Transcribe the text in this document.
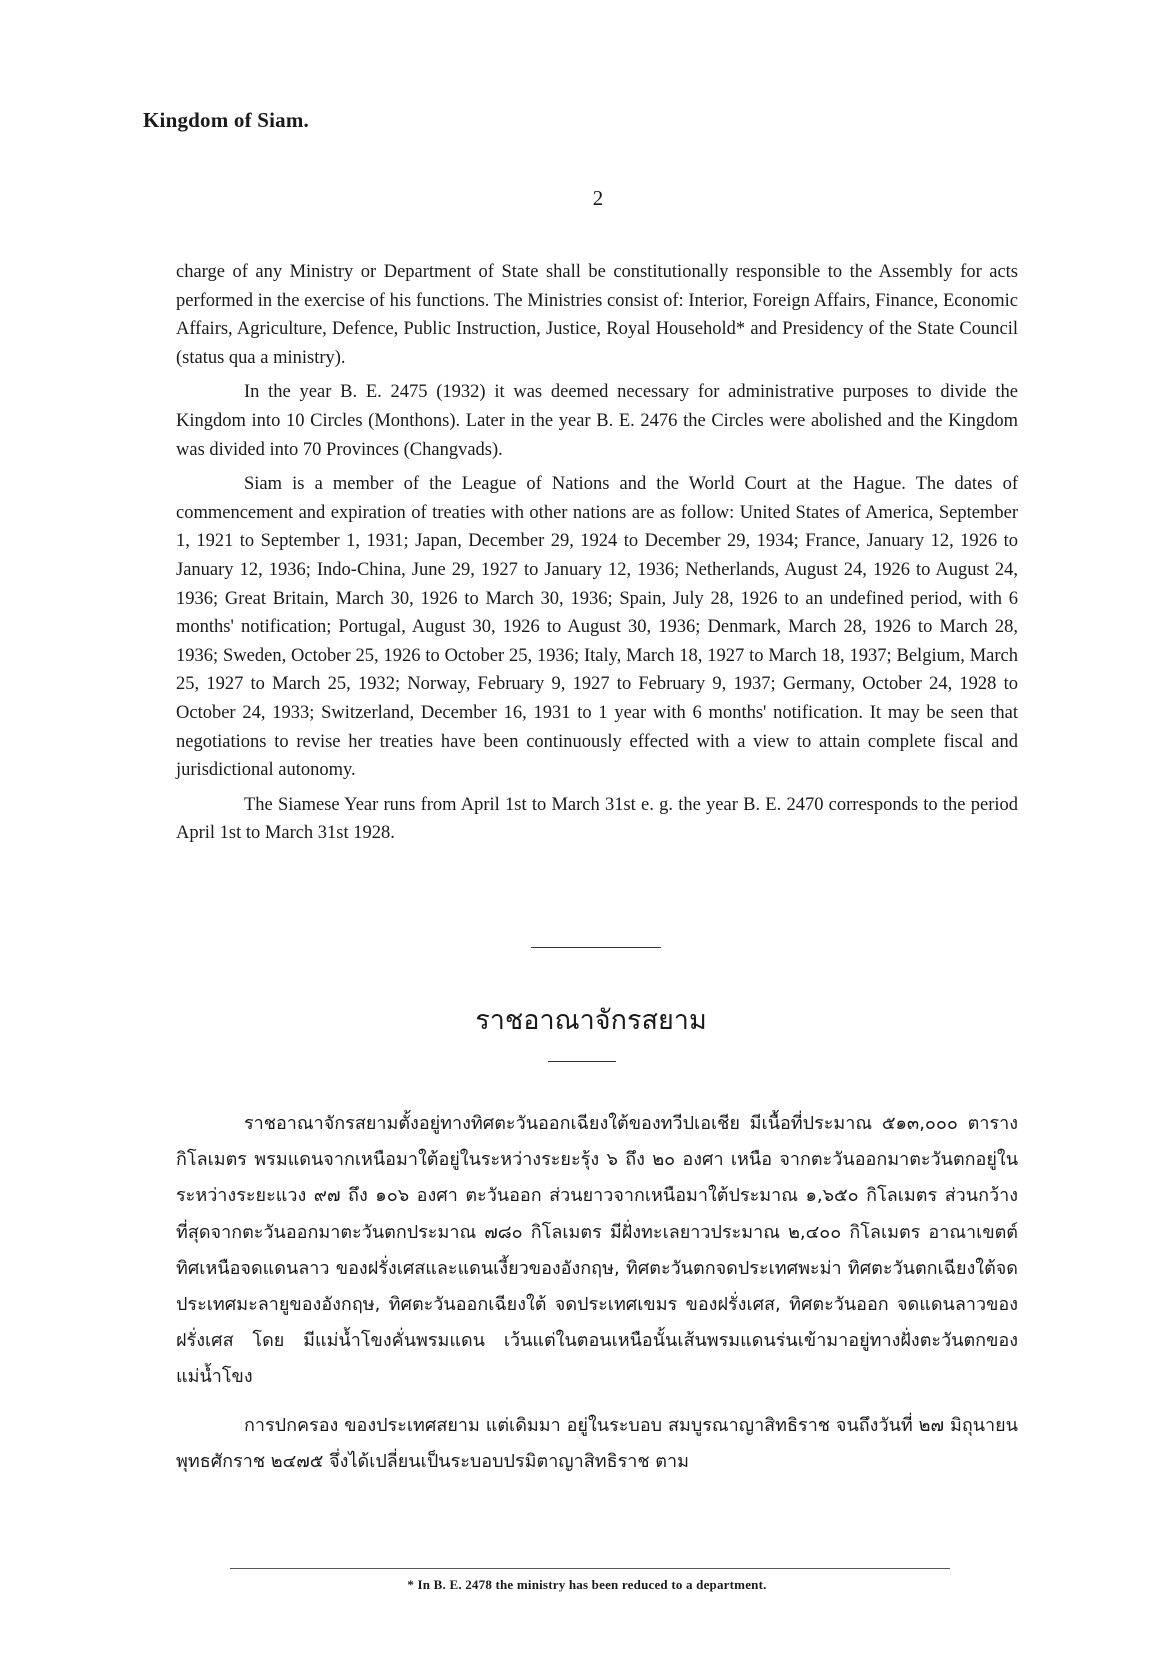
Kingdom of Siam.
2

charge of any Ministry or Department of State shall be constitutionally responsible to the Assembly for acts performed in the exercise of his functions. The Ministries consist of: Interior, Foreign Affairs, Finance, Economic Affairs, Agriculture, Defence, Public Instruction, Justice, Royal Household* and Presidency of the State Council (status qua a ministry).

In the year B. E. 2475 (1932) it was deemed necessary for administrative purposes to divide the Kingdom into 10 Circles (Monthons). Later in the year B. E. 2476 the Circles were abolished and the Kingdom was divided into 70 Provinces (Changvads).

Siam is a member of the League of Nations and the World Court at the Hague. The dates of commencement and expiration of treaties with other nations are as follow: United States of America, September 1, 1921 to September 1, 1931; Japan, December 29, 1924 to December 29, 1934; France, January 12, 1926 to January 12, 1936; Indo-China, June 29, 1927 to January 12, 1936; Netherlands, August 24, 1926 to August 24, 1936; Great Britain, March 30, 1926 to March 30, 1936; Spain, July 28, 1926 to an undefined period, with 6 months' notification; Portugal, August 30, 1926 to August 30, 1936; Denmark, March 28, 1926 to March 28, 1936; Sweden, October 25, 1926 to October 25, 1936; Italy, March 18, 1927 to March 18, 1937; Belgium, March 25, 1927 to March 25, 1932; Norway, February 9, 1927 to February 9, 1937; Germany, October 24, 1928 to October 24, 1933; Switzerland, December 16, 1931 to 1 year with 6 months' notification. It may be seen that negotiations to revise her treaties have been continuously effected with a view to attain complete fiscal and jurisdictional autonomy.

The Siamese Year runs from April 1st to March 31st e. g. the year B. E. 2470 corresponds to the period April 1st to March 31st 1928.

ราชอาณาจักรสยาม

ราชอาณาจักรสยามตั้งอยู่ทางทิศตะวันออกเฉียงใต้ของทวีปเอเชีย มีเนื้อที่ประมาณ ๕๑๓,๐๐๐ ตารางกิโลเมตร พรมแดนจากเหนือมาใต้อยู่ในระหว่างระยะรุ้ง ๖ ถึง ๒๐ องศา เหนือ จากตะวันออกมาตะวันตกอยู่ในระหว่างระยะแวง ๙๗ ถึง ๑๐๖ องศา ตะวันออก ส่วนยาวจากเหนือมาใต้ประมาณ ๑,๖๕๐ กิโลเมตร ส่วนกว้างที่สุดจากตะวันออกมาตะวันตกประมาณ ๗๘๐ กิโลเมตร มีฝั่งทะเลยาวประมาณ ๒,๔๐๐ กิโลเมตร อาณาเขตต์ ทิศเหนือจดแดนลาว ของฝรั่งเศสและแดนเงี้ยวของอังกฤษ, ทิศตะวันตกจดประเทศพะม่า ทิศตะวันตกเฉียงใต้จดประเทศมะลายูของอังกฤษ, ทิศตะวันออกเฉียงใต้ จดประเทศเขมร ของฝรั่งเศส, ทิศตะวันออก จดแดนลาวของฝรั่งเศส โดย มีแม่น้ำโขงคั่นพรมแดน เว้นแต่ในตอนเหนือนั้นเส้นพรมแดนร่นเข้ามาอยู่ทางฝั่งตะวันตกของแม่น้ำโขง

การปกครอง ของประเทศสยาม แต่เดิมมา อยู่ในระบอบ สมบูรณาญาสิทธิราช จนถึงวันที่ ๒๗ มิถุนายน พุทธศักราช ๒๔๗๕ จึ่งได้เปลี่ยนเป็นระบอบปรมิตาญาสิทธิราช ตาม

* In B. E. 2478 the ministry has been reduced to a department.
